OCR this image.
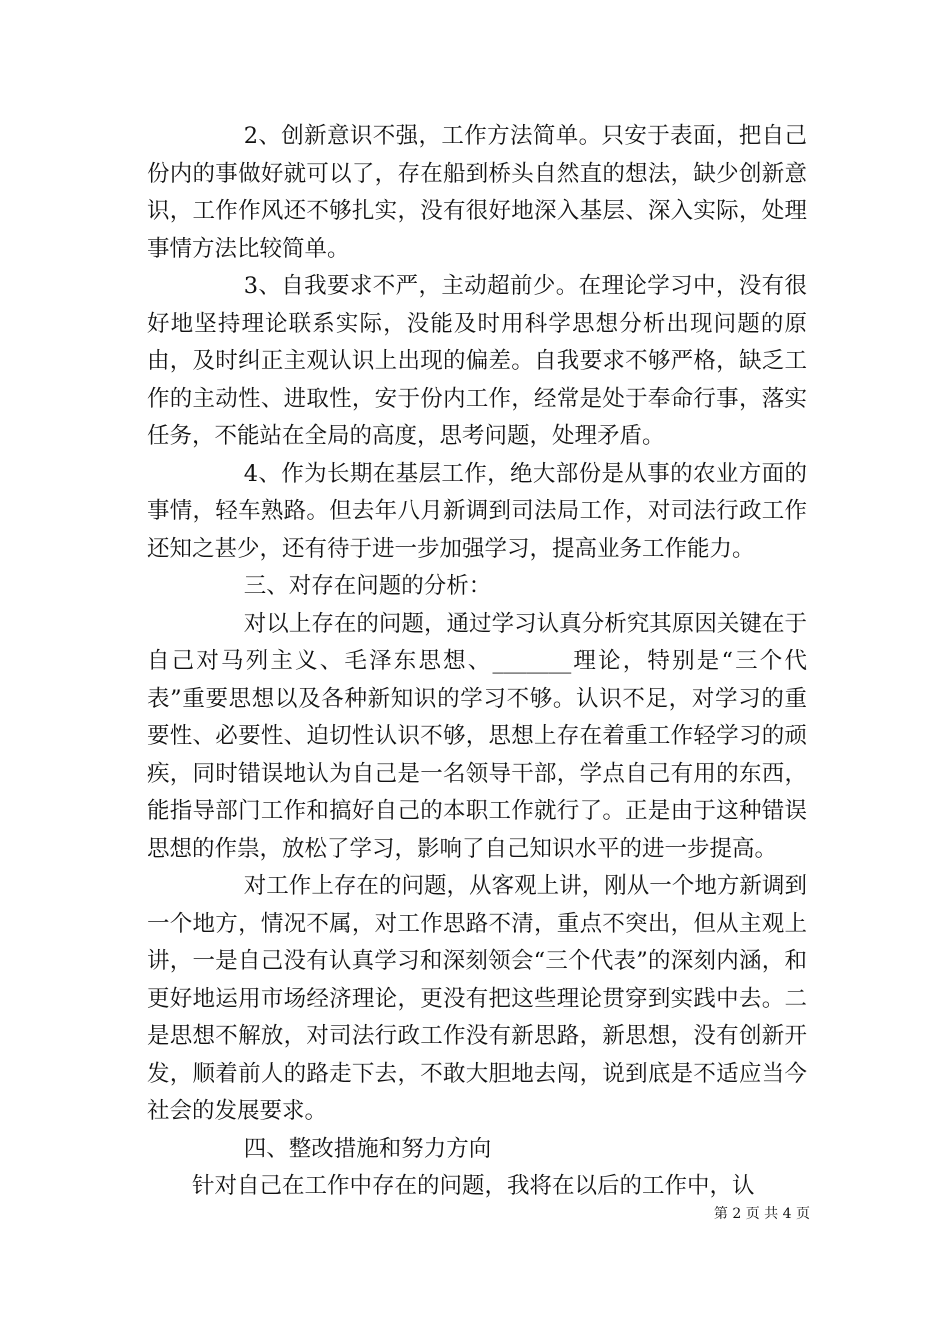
2、创新意识不强，工作方法简单。只安于表面，把自己份内的事做好就可以了，存在船到桥头自然直的想法，缺少创新意识，工作作风还不够扎实，没有很好地深入基层、深入实际，处理事情方法比较简单。

3、自我要求不严，主动超前少。在理论学习中，没有很好地坚持理论联系实际，没能及时用科学思想分析出现问题的原由，及时纠正主观认识上出现的偏差。自我要求不够严格，缺乏工作的主动性、进取性，安于份内工作，经常是处于奉命行事，落实任务，不能站在全局的高度，思考问题，处理矛盾。

4、作为长期在基层工作，绝大部份是从事的农业方面的事情，轻车熟路。但去年八月新调到司法局工作，对司法行政工作还知之甚少，还有待于进一步加强学习，提高业务工作能力。

三、对存在问题的分析：

对以上存在的问题，通过学习认真分析究其原因关键在于自己对马列主义、毛泽东思想、_______理论，特别是“三个代表”重要思想以及各种新知识的学习不够。认识不足，对学习的重要性、必要性、迫切性认识不够，思想上存在着重工作轻学习的顽疾，同时错误地认为自己是一名领导干部，学点自己有用的东西，能指导部门工作和搞好自己的本职工作就行了。正是由于这种错误思想的作祟，放松了学习，影响了自己知识水平的进一步提高。

对工作上存在的问题，从客观上讲，刚从一个地方新调到一个地方，情况不属，对工作思路不清，重点不突出，但从主观上讲，一是自己没有认真学习和深刻领会“三个代表”的深刻内涵，和更好地运用市场经济理论，更没有把这些理论贯穿到实践中去。二是思想不解放，对司法行政工作没有新思路，新思想，没有创新开发，顺着前人的路走下去，不敢大胆地去闯，说到底是不适应当今社会的发展要求。

四、整改措施和努力方向

针对自己在工作中存在的问题，我将在以后的工作中，认

第 2 页 共 4 页
